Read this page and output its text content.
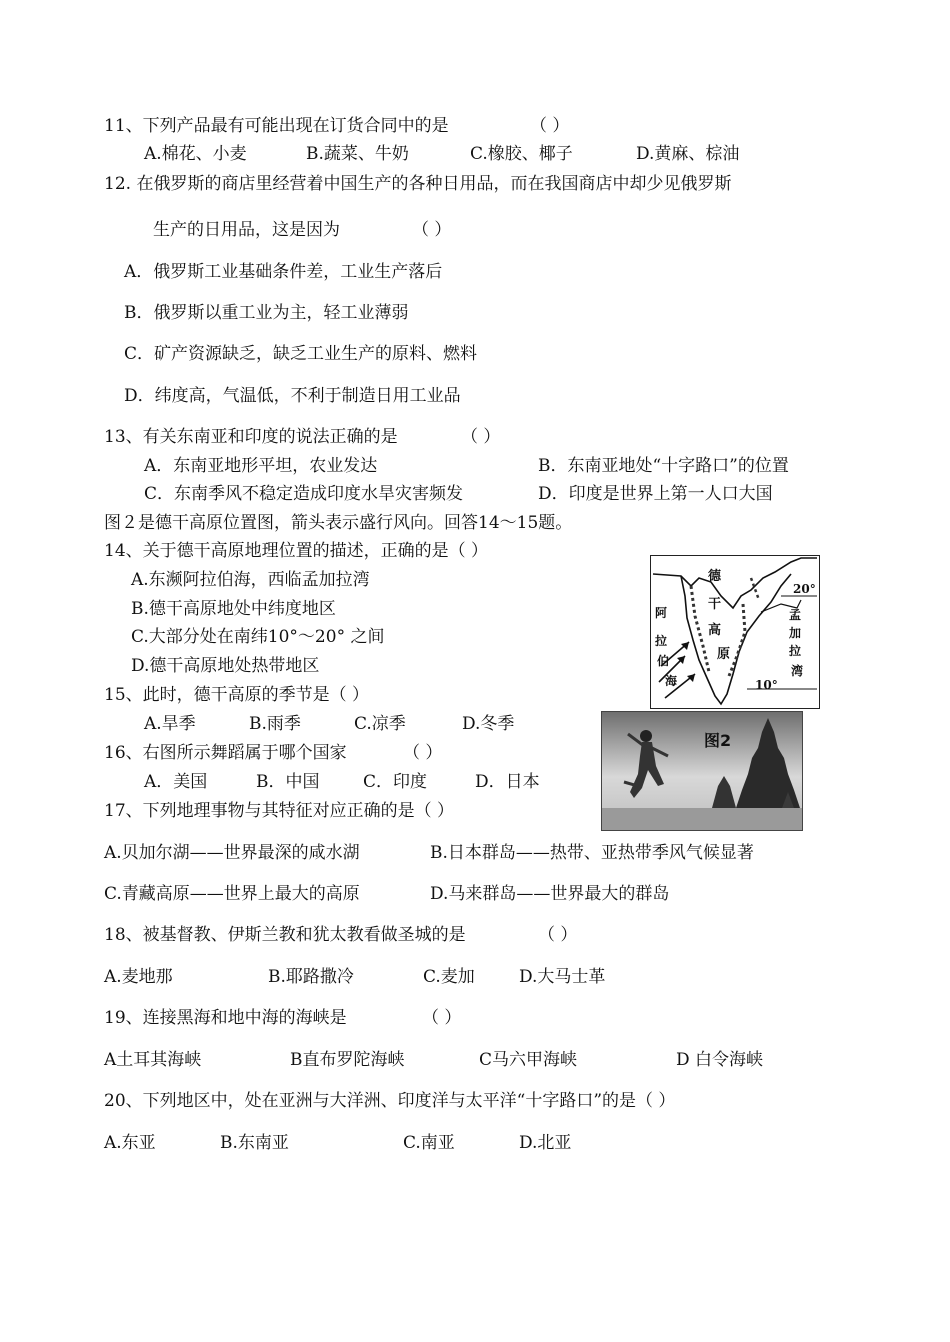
11、下列产品最有可能出现在订货合同中的是	（ ）
A.棉花、小麦	B.蔬菜、牛奶	C.橡胶、椰子	D.黄麻、棕油
12. 在俄罗斯的商店里经营着中国生产的各种日用品，而在我国商店中却少见俄罗斯
生产的日用品，这是因为	（ ）
A．俄罗斯工业基础条件差，工业生产落后
B．俄罗斯以重工业为主，轻工业薄弱
C．矿产资源缺乏，缺乏工业生产的原料、燃料
D．纬度高，气温低，不利于制造日用工业品
13、有关东南亚和印度的说法正确的是	（ ）
A．东南亚地形平坦，农业发达	B．东南亚地处“十字路口”的位置
C．东南季风不稳定造成印度水旱灾害频发	D．印度是世界上第一人口大国
图２是德干高原位置图，箭头表示盛行风向。回答14～15题。
14、关于德干高原地理位置的描述，正确的是（ ）
A.东濒阿拉伯海，西临孟加拉湾
B.德干高原地处中纬度地区
C.大部分处在南纬10°～20° 之间
D.德干高原地处热带地区
德
干
高
原
阿
拉
伯
海
孟
加
拉
湾
20°
10°
图2
15、此时，德干高原的季节是（ ）
A.旱季	B.雨季	C.凉季	D.冬季
16、右图所示舞蹈属于哪个国家	（ ）
A．美国	B．中国	C．印度	D．日本
17、下列地理事物与其特征对应正确的是（ ）
A.贝加尔湖——世界最深的咸水湖	B.日本群岛——热带、亚热带季风气候显著
C.青藏高原——世界上最大的高原	D.马来群岛——世界最大的群岛
18、被基督教、伊斯兰教和犹太教看做圣城的是	（ ）
A.麦地那	B.耶路撒冷	C.麦加	D.大马士革
19、连接黑海和地中海的海峡是	（ ）
A土耳其海峡	B直布罗陀海峡	C马六甲海峡	D 白令海峡
20、下列地区中，处在亚洲与大洋洲、印度洋与太平洋“十字路口”的是（ ）
A.东亚	B.东南亚	C.南亚	D.北亚
